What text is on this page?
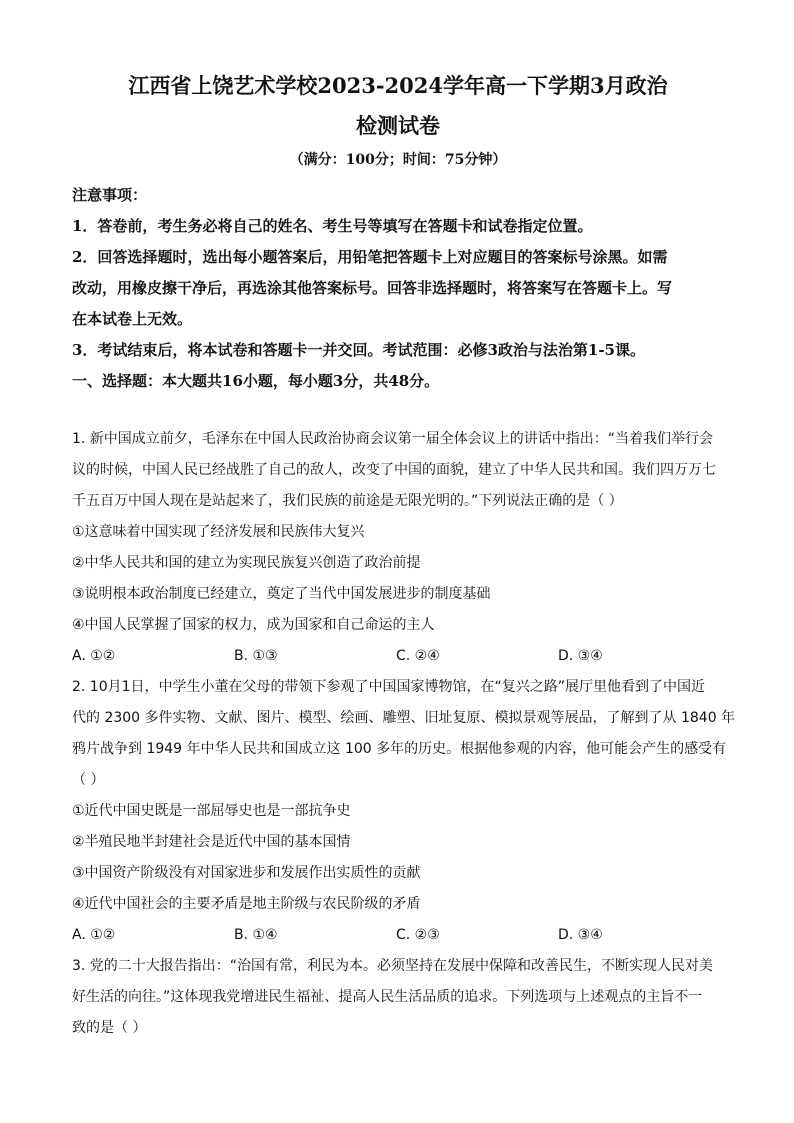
江西省上饶艺术学校2023-2024学年高一下学期3月政治
检测试卷
（满分：100分；时间：75分钟）

注意事项：

1．答卷前，考生务必将自己的姓名、考生号等填写在答题卡和试卷指定位置。

2．回答选择题时，选出每小题答案后，用铅笔把答题卡上对应题目的答案标号涂黑。如需

改动，用橡皮擦干净后，再选涂其他答案标号。回答非选择题时，将答案写在答题卡上。写

在本试卷上无效。

3．考试结束后，将本试卷和答题卡一并交回。考试范围：必修3政治与法治第1-5课。

一、选择题：本大题共16小题，每小题3分，共48分。

1. 新中国成立前夕，毛泽东在中国人民政治协商会议第一届全体会议上的讲话中指出：“当着我们举行会

议的时候，中国人民已经战胜了自己的敌人，改变了中国的面貌，建立了中华人民共和国。我们四万万七

千五百万中国人现在是站起来了，我们民族的前途是无限光明的。”下列说法正确的是（ ）

①这意味着中国实现了经济发展和民族伟大复兴

②中华人民共和国的建立为实现民族复兴创造了政治前提

③说明根本政治制度已经建立，奠定了当代中国发展进步的制度基础

④中国人民掌握了国家的权力，成为国家和自己命运的主人

A. ①②	B. ①③	C. ②④	D. ③④

2. 10月1日，中学生小董在父母的带领下参观了中国国家博物馆，在“复兴之路”展厅里他看到了中国近

代的 2300 多件实物、文献、图片、模型、绘画、雕塑、旧址复原、模拟景观等展品，了解到了从 1840 年

鸦片战争到 1949 年中华人民共和国成立这 100 多年的历史。根据他参观的内容，他可能会产生的感受有

（ ）

①近代中国史既是一部屈辱史也是一部抗争史

②半殖民地半封建社会是近代中国的基本国情

③中国资产阶级没有对国家进步和发展作出实质性的贡献

④近代中国社会的主要矛盾是地主阶级与农民阶级的矛盾

A. ①②	B. ①④	C. ②③	D. ③④

3. 党的二十大报告指出：“治国有常，利民为本。必须坚持在发展中保障和改善民生，不断实现人民对美

好生活的向往。”这体现我党增进民生福祉、提高人民生活品质的追求。下列选项与上述观点的主旨不一

致的是（ ）
